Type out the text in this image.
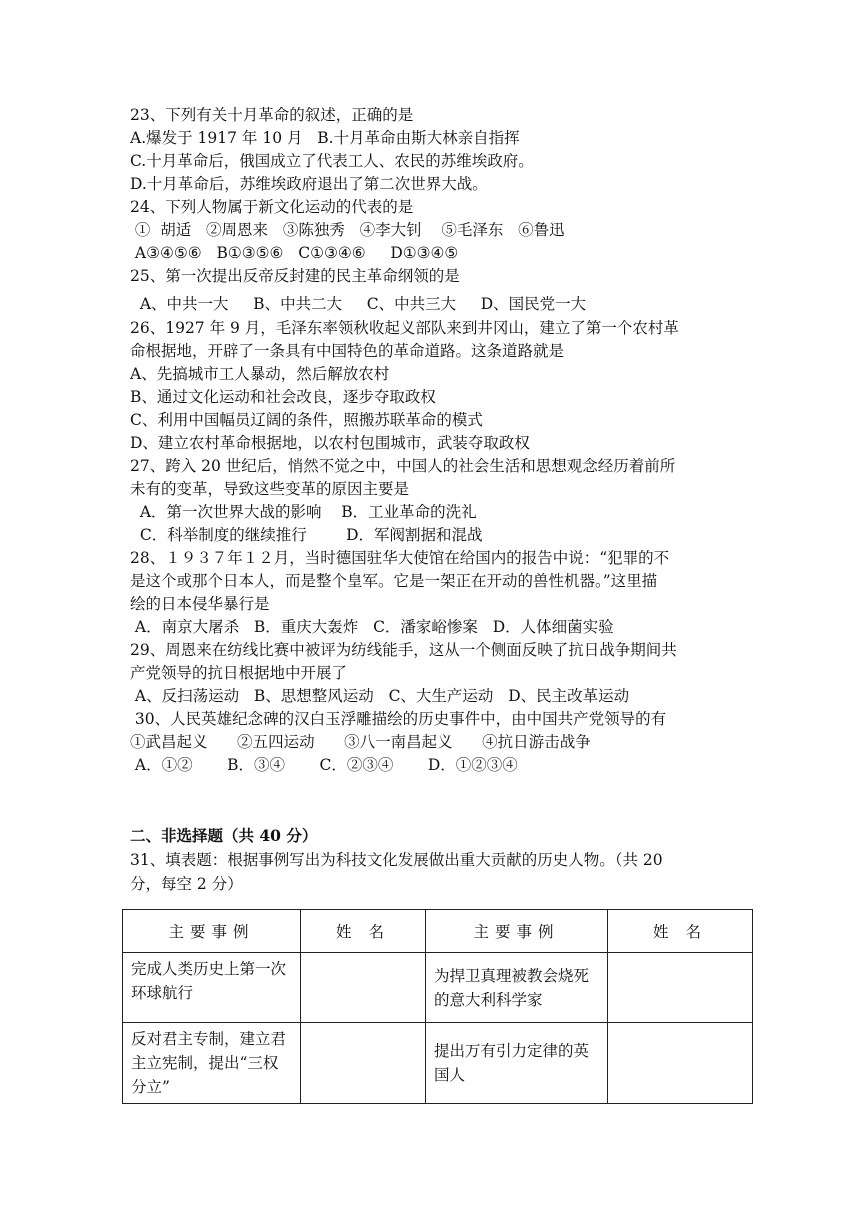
23、下列有关十月革命的叙述，正确的是
A.爆发于 1917 年 10 月   B.十月革命由斯大林亲自指挥
C.十月革命后，俄国成立了代表工人、农民的苏维埃政府。
D.十月革命后，苏维埃政府退出了第二次世界大战。
24、下列人物属于新文化运动的代表的是
①  胡适   ②周恩来   ③陈独秀   ④李大钊    ⑤毛泽东   ⑥鲁迅
A③④⑤⑥   B①③⑤⑥   C①③④⑥     D①③④⑤
25、第一次提出反帝反封建的民主革命纲领的是
A、中共一大     B、中共二大     C、中共三大     D、国民党一大
26、1927 年 9 月，毛泽东率领秋收起义部队来到井冈山，建立了第一个农村革
命根据地，开辟了一条具有中国特色的革命道路。这条道路就是
A、先搞城市工人暴动，然后解放农村
B、通过文化运动和社会改良，逐步夺取政权
C、利用中国幅员辽阔的条件，照搬苏联革命的模式
D、建立农村革命根据地，以农村包围城市，武装夺取政权
27、跨入 20 世纪后，悄然不觉之中，中国人的社会生活和思想观念经历着前所
未有的变革，导致这些变革的原因主要是
A．第一次世界大战的影响    B．工业革命的洗礼
C．科举制度的继续推行        D．军阀割据和混战
28、１９３７年１２月，当时德国驻华大使馆在给国内的报告中说：“犯罪的不
是这个或那个日本人，而是整个皇军。它是一架正在开动的兽性机器。”这里描
绘的日本侵华暴行是
A．南京大屠杀   B．重庆大轰炸   C．潘家峪惨案   D．人体细菌实验
29、周恩来在纺线比赛中被评为纺线能手，这从一个侧面反映了抗日战争期间共
产党领导的抗日根据地中开展了
A、反扫荡运动   B、思想整风运动   C、大生产运动   D、民主改革运动
30、人民英雄纪念碑的汉白玉浮雕描绘的历史事件中，由中国共产党领导的有
①武昌起义      ②五四运动      ③八一南昌起义      ④抗日游击战争
A．①②       B．③④       C．②③④       D．①②③④
二、非选择题（共 40 分）
31、填表题：根据事例写出为科技文化发展做出重大贡献的历史人物。（共 20
分，每空 2 分）
主要事例	姓 名	主要事例	姓 名
完成人类历史上第一次环球航行		为捍卫真理被教会烧死的意大利科学家	
反对君主专制，建立君主立宪制，提出“三权分立”		提出万有引力定律的英国人	
